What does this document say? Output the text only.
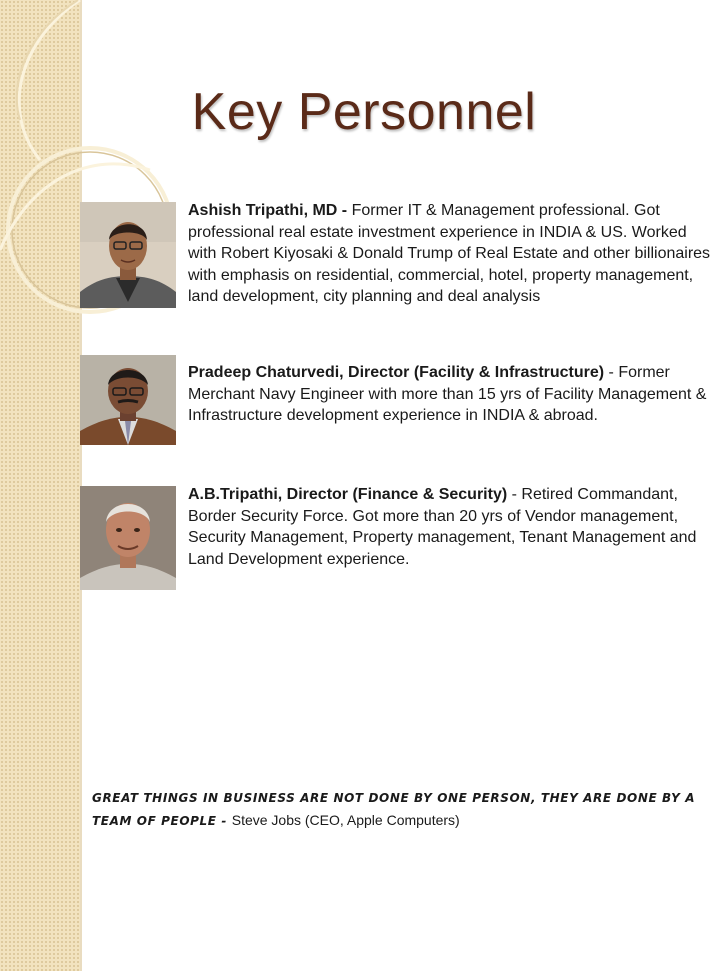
Key Personnel
Ashish Tripathi, MD - Former IT & Management professional. Got professional real estate investment experience in INDIA & US. Worked with Robert Kiyosaki & Donald Trump of Real Estate and other billionaires with emphasis on residential, commercial, hotel, property management, land development, city planning and deal analysis
Pradeep Chaturvedi, Director (Facility & Infrastructure) - Former Merchant Navy Engineer with more than 15 yrs of Facility Management & Infrastructure development experience in INDIA & abroad.
A.B.Tripathi, Director (Finance & Security) - Retired Commandant, Border Security Force. Got more than 20 yrs of Vendor management, Security Management, Property management, Tenant Management and Land Development experience.
GREAT THINGS IN BUSINESS ARE NOT DONE BY ONE PERSON, THEY ARE DONE BY A TEAM OF PEOPLE - Steve Jobs (CEO, Apple Computers)
